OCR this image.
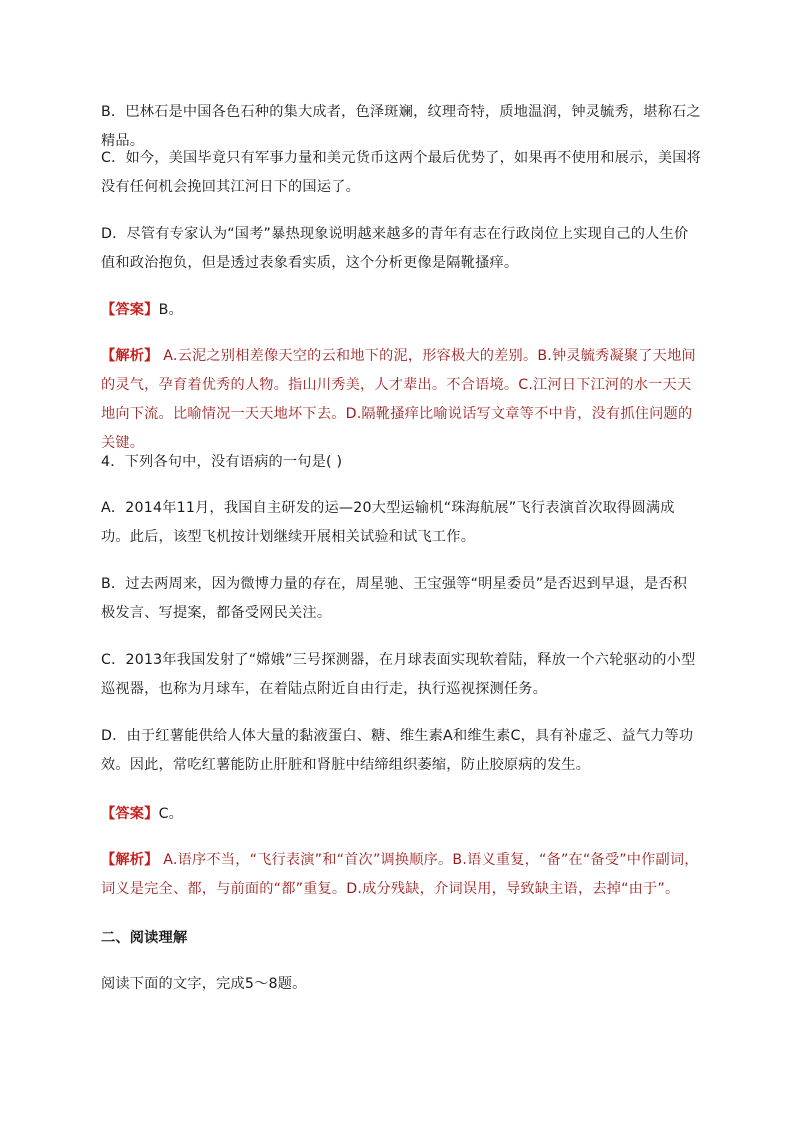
B．巴林石是中国各色石种的集大成者，色泽斑斓，纹理奇特，质地温润，钟灵毓秀，堪称石之精品。

C．如今，美国毕竟只有军事力量和美元货币这两个最后优势了，如果再不使用和展示，美国将没有任何机会挽回其江河日下的国运了。

D．尽管有专家认为“国考”暴热现象说明越来越多的青年有志在行政岗位上实现自己的人生价值和政治抱负，但是透过表象看实质，这个分析更像是隔靴搔痒。

【答案】B。

【解析】 A.云泥之别相差像天空的云和地下的泥，形容极大的差别。B.钟灵毓秀凝聚了天地间的灵气，孕育着优秀的人物。指山川秀美，人才辈出。不合语境。C.江河日下江河的水一天天地向下流。比喻情况一天天地坏下去。D.隔靴搔痒比喻说话写文章等不中肯，没有抓住问题的关键。

4．下列各句中，没有语病的一句是( )

A．2014年11月，我国自主研发的运—20大型运输机“珠海航展”飞行表演首次取得圆满成功。此后，该型飞机按计划继续开展相关试验和试飞工作。

B．过去两周来，因为微博力量的存在，周星驰、王宝强等“明星委员”是否迟到早退，是否积极发言、写提案，都备受网民关注。

C．2013年我国发射了“嫦娥”三号探测器，在月球表面实现软着陆，释放一个六轮驱动的小型巡视器，也称为月球车，在着陆点附近自由行走，执行巡视探测任务。

D．由于红薯能供给人体大量的黏液蛋白、糖、维生素A和维生素C，具有补虚乏、益气力等功效。因此，常吃红薯能防止肝脏和肾脏中结缔组织萎缩，防止胶原病的发生。

【答案】C。

【解析】 A.语序不当，“飞行表演”和“首次”调换顺序。B.语义重复，“备”在“备受”中作副词，词义是完全、都，与前面的“都”重复。D.成分残缺，介词误用，导致缺主语，去掉“由于”。

二、阅读理解

阅读下面的文字，完成5～8题。
